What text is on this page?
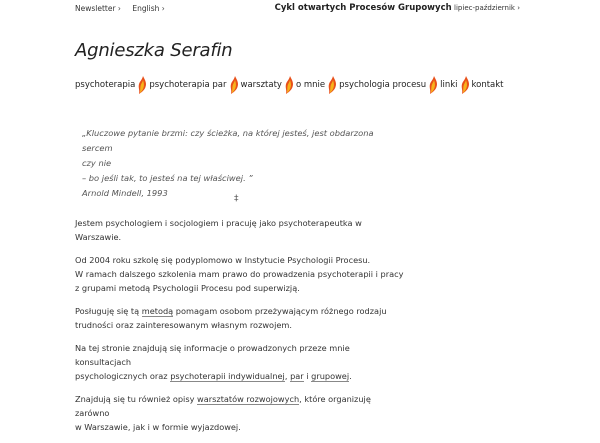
Newsletter › English ›	Cykl otwartych Procesów Grupowych lipiec-październik ›
Agnieszka Serafin
psychoterapia psychoterapia par warsztaty o mnie psychologia procesu linki kontakt
„Kluczowe pytanie brzmi: czy ścieżka, na której jesteś, jest obdarzona sercem
czy nie
– bo jeśli tak, to jesteś na tej właściwej. ”
Arnold Mindell, 1993
‡

Jestem psychologiem i socjologiem i pracuję jako psychoterapeutka w Warszawie.

Od 2004 roku szkolę się podyplomowo w Instytucie Psychologii Procesu.
W ramach dalszego szkolenia mam prawo do prowadzenia psychoterapii i pracy
z grupami metodą Psychologii Procesu pod superwizją.

Posługuję się tą metodą pomagam osobom przeżywającym różnego rodzaju
trudności oraz zainteresowanym własnym rozwojem.

Na tej stronie znajdują się informacje o prowadzonych przeze mnie konsultacjach
psychologicznych oraz psychoterapii indywidualnej, par i grupowej.

Znajdują się tu również opisy warsztatów rozwojowych, które organizuję zarówno
w Warszawie, jak i w formie wyjazdowej.
